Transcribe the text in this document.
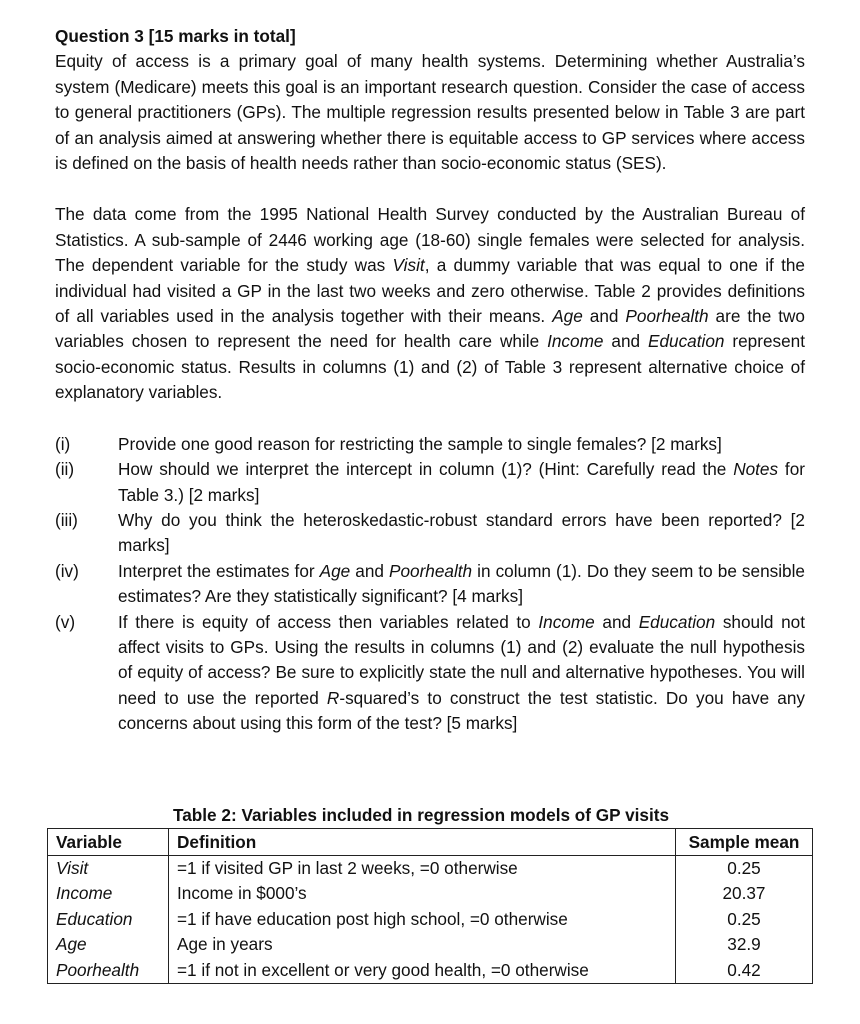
Question 3 [15 marks in total]

Equity of access is a primary goal of many health systems. Determining whether Australia’s system (Medicare) meets this goal is an important research question. Consider the case of access to general practitioners (GPs). The multiple regression results presented below in Table 3 are part of an analysis aimed at answering whether there is equitable access to GP services where access is defined on the basis of health needs rather than socio-economic status (SES).

The data come from the 1995 National Health Survey conducted by the Australian Bureau of Statistics. A sub-sample of 2446 working age (18-60) single females were selected for analysis. The dependent variable for the study was Visit, a dummy variable that was equal to one if the individual had visited a GP in the last two weeks and zero otherwise. Table 2 provides definitions of all variables used in the analysis together with their means. Age and Poorhealth are the two variables chosen to represent the need for health care while Income and Education represent socio-economic status. Results in columns (1) and (2) of Table 3 represent alternative choice of explanatory variables.

(i)	Provide one good reason for restricting the sample to single females? [2 marks]
(ii)	How should we interpret the intercept in column (1)? (Hint: Carefully read the Notes for Table 3.) [2 marks]
(iii)	Why do you think the heteroskedastic-robust standard errors have been reported? [2 marks]
(iv)	Interpret the estimates for Age and Poorhealth in column (1). Do they seem to be sensible estimates? Are they statistically significant? [4 marks]
(v)	If there is equity of access then variables related to Income and Education should not affect visits to GPs. Using the results in columns (1) and (2) evaluate the null hypothesis of equity of access? Be sure to explicitly state the null and alternative hypotheses. You will need to use the reported R-squared’s to construct the test statistic. Do you have any concerns about using this form of the test? [5 marks]
Table 2: Variables included in regression models of GP visits
Variable	Definition	Sample mean
Visit	=1 if visited GP in last 2 weeks, =0 otherwise	0.25
Income	Income in $000’s	20.37
Education	=1 if have education post high school, =0 otherwise	0.25
Age	Age in years	32.9
Poorhealth	=1 if not in excellent or very good health, =0 otherwise	0.42
